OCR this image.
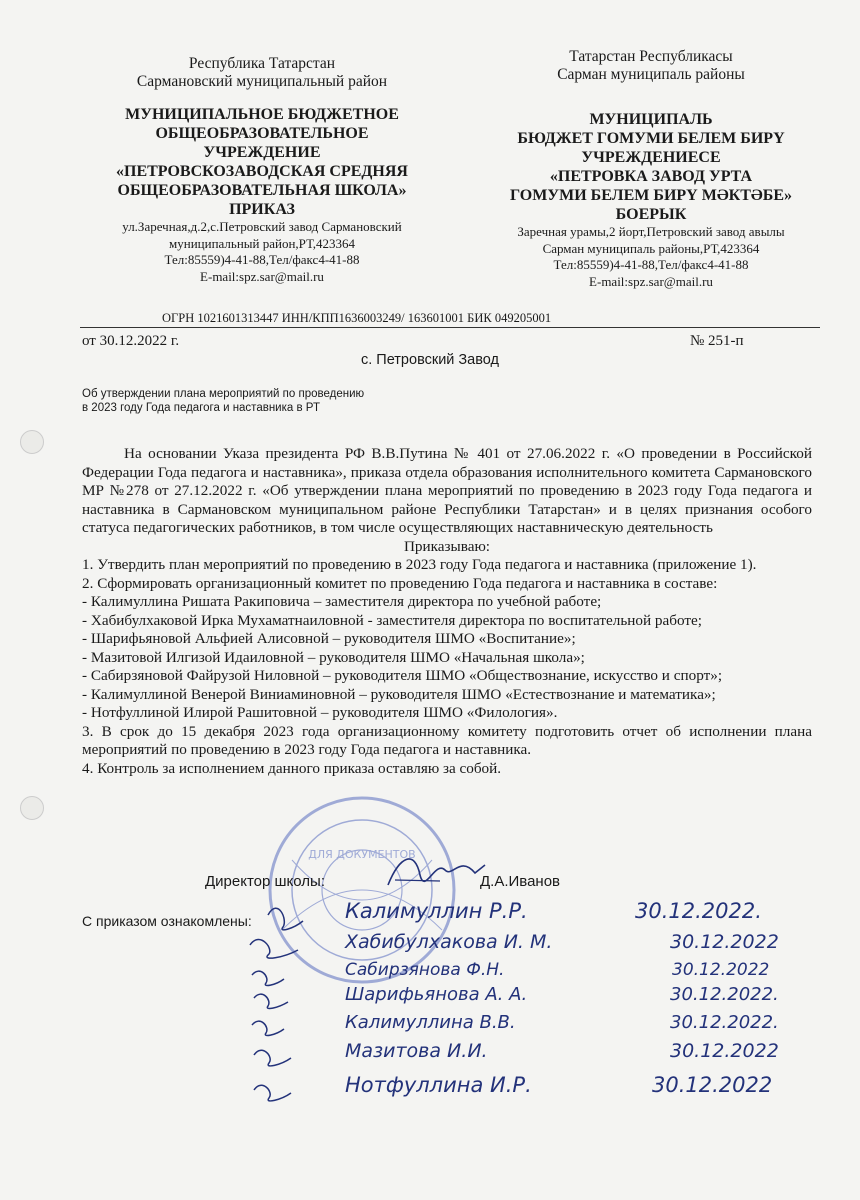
Республика Татарстан
Сармановский муниципальный район
МУНИЦИПАЛЬНОЕ БЮДЖЕТНОЕ
ОБЩЕОБРАЗОВАТЕЛЬНОЕ
УЧРЕЖДЕНИЕ
«ПЕТРОВСКОЗАВОДСКАЯ СРЕДНЯЯ
ОБЩЕОБРАЗОВАТЕЛЬНАЯ ШКОЛА»
ПРИКАЗ
ул.Заречная,д.2,с.Петровский завод Сармановский
муниципальный район,РТ,423364
Тел:85559)4-41-88,Тел/факс4-41-88
E-mail:spz.sar@mail.ru
Татарстан Республикасы
Сарман муниципаль районы
МУНИЦИПАЛЬ
БЮДЖЕТ ГОМУМИ БЕЛЕМ БИРҮ
УЧРЕЖДЕНИЕСЕ
«ПЕТРОВКА ЗАВОД УРТА
ГОМУМИ БЕЛЕМ БИРҮ МӘКТӘБЕ»
БОЕРЫК
Заречная урамы,2 йорт,Петровский завод авылы
Сарман муниципаль районы,РТ,423364
Тел:85559)4-41-88,Тел/факс4-41-88
E-mail:spz.sar@mail.ru
ОГРН 1021601313447 ИНН/КПП1636003249/ 163601001 БИК 049205001
от 30.12.2022 г.	№ 251-п
с. Петровский Завод
Об утверждении плана мероприятий по проведению
в 2023 году Года педагога и наставника в РТ

На основании Указа президента РФ В.В.Путина № 401 от 27.06.2022 г. «О проведении в Российской Федерации Года педагога и наставника», приказа отдела образования исполнительного комитета Сармановского МР №278 от 27.12.2022 г. «Об утверждении плана мероприятий по проведению в 2023 году Года педагога и наставника в Сармановском муниципальном районе Республики Татарстан» и в целях признания особого статуса педагогических работников, в том числе осуществляющих наставническую деятельность

Приказываю:

1. Утвердить план мероприятий по проведению в 2023 году Года педагога и наставника (приложение 1).

2. Сформировать организационный комитет по проведению Года педагога и наставника в составе:

- Калимуллина Ришата Ракиповича – заместителя директора по учебной работе;

- Хабибулхаковой Ирка Мухаматнаиловной - заместителя директора по воспитательной работе;

- Шарифьяновой Альфией Алисовной – руководителя ШМО «Воспитание»;

- Мазитовой Илгизой Идаиловной – руководителя ШМО «Начальная школа»;

- Сабирзяновой Файрузой Ниловной – руководителя ШМО «Обществознание, искусство и спорт»;

- Калимуллиной Венерой Виниаминовной – руководителя ШМО «Естествознание и математика»;

- Нотфуллиной Илирой Рашитовной – руководителя ШМО «Филология».

3. В срок до 15 декабря 2023 года организационному комитету подготовить отчет об исполнении плана мероприятий по проведению в 2023 году Года педагога и наставника.

4. Контроль за исполнением данного приказа оставляю за собой.

ДЛЯ ДОКУМЕНТОВ
Директор школы:	Д.А.Иванов
С приказом ознакомлены:	Калимуллин Р.Р.	30.12.2022.
Хабибулхакова И. М.	30.12.2022
Сабирзянова Ф.Н.	30.12.2022
Шарифьянова А. А.	30.12.2022.
Калимуллина В.В.	30.12.2022.
Мазитова И.И.	30.12.2022
Нотфуллина И.Р.	30.12.2022
